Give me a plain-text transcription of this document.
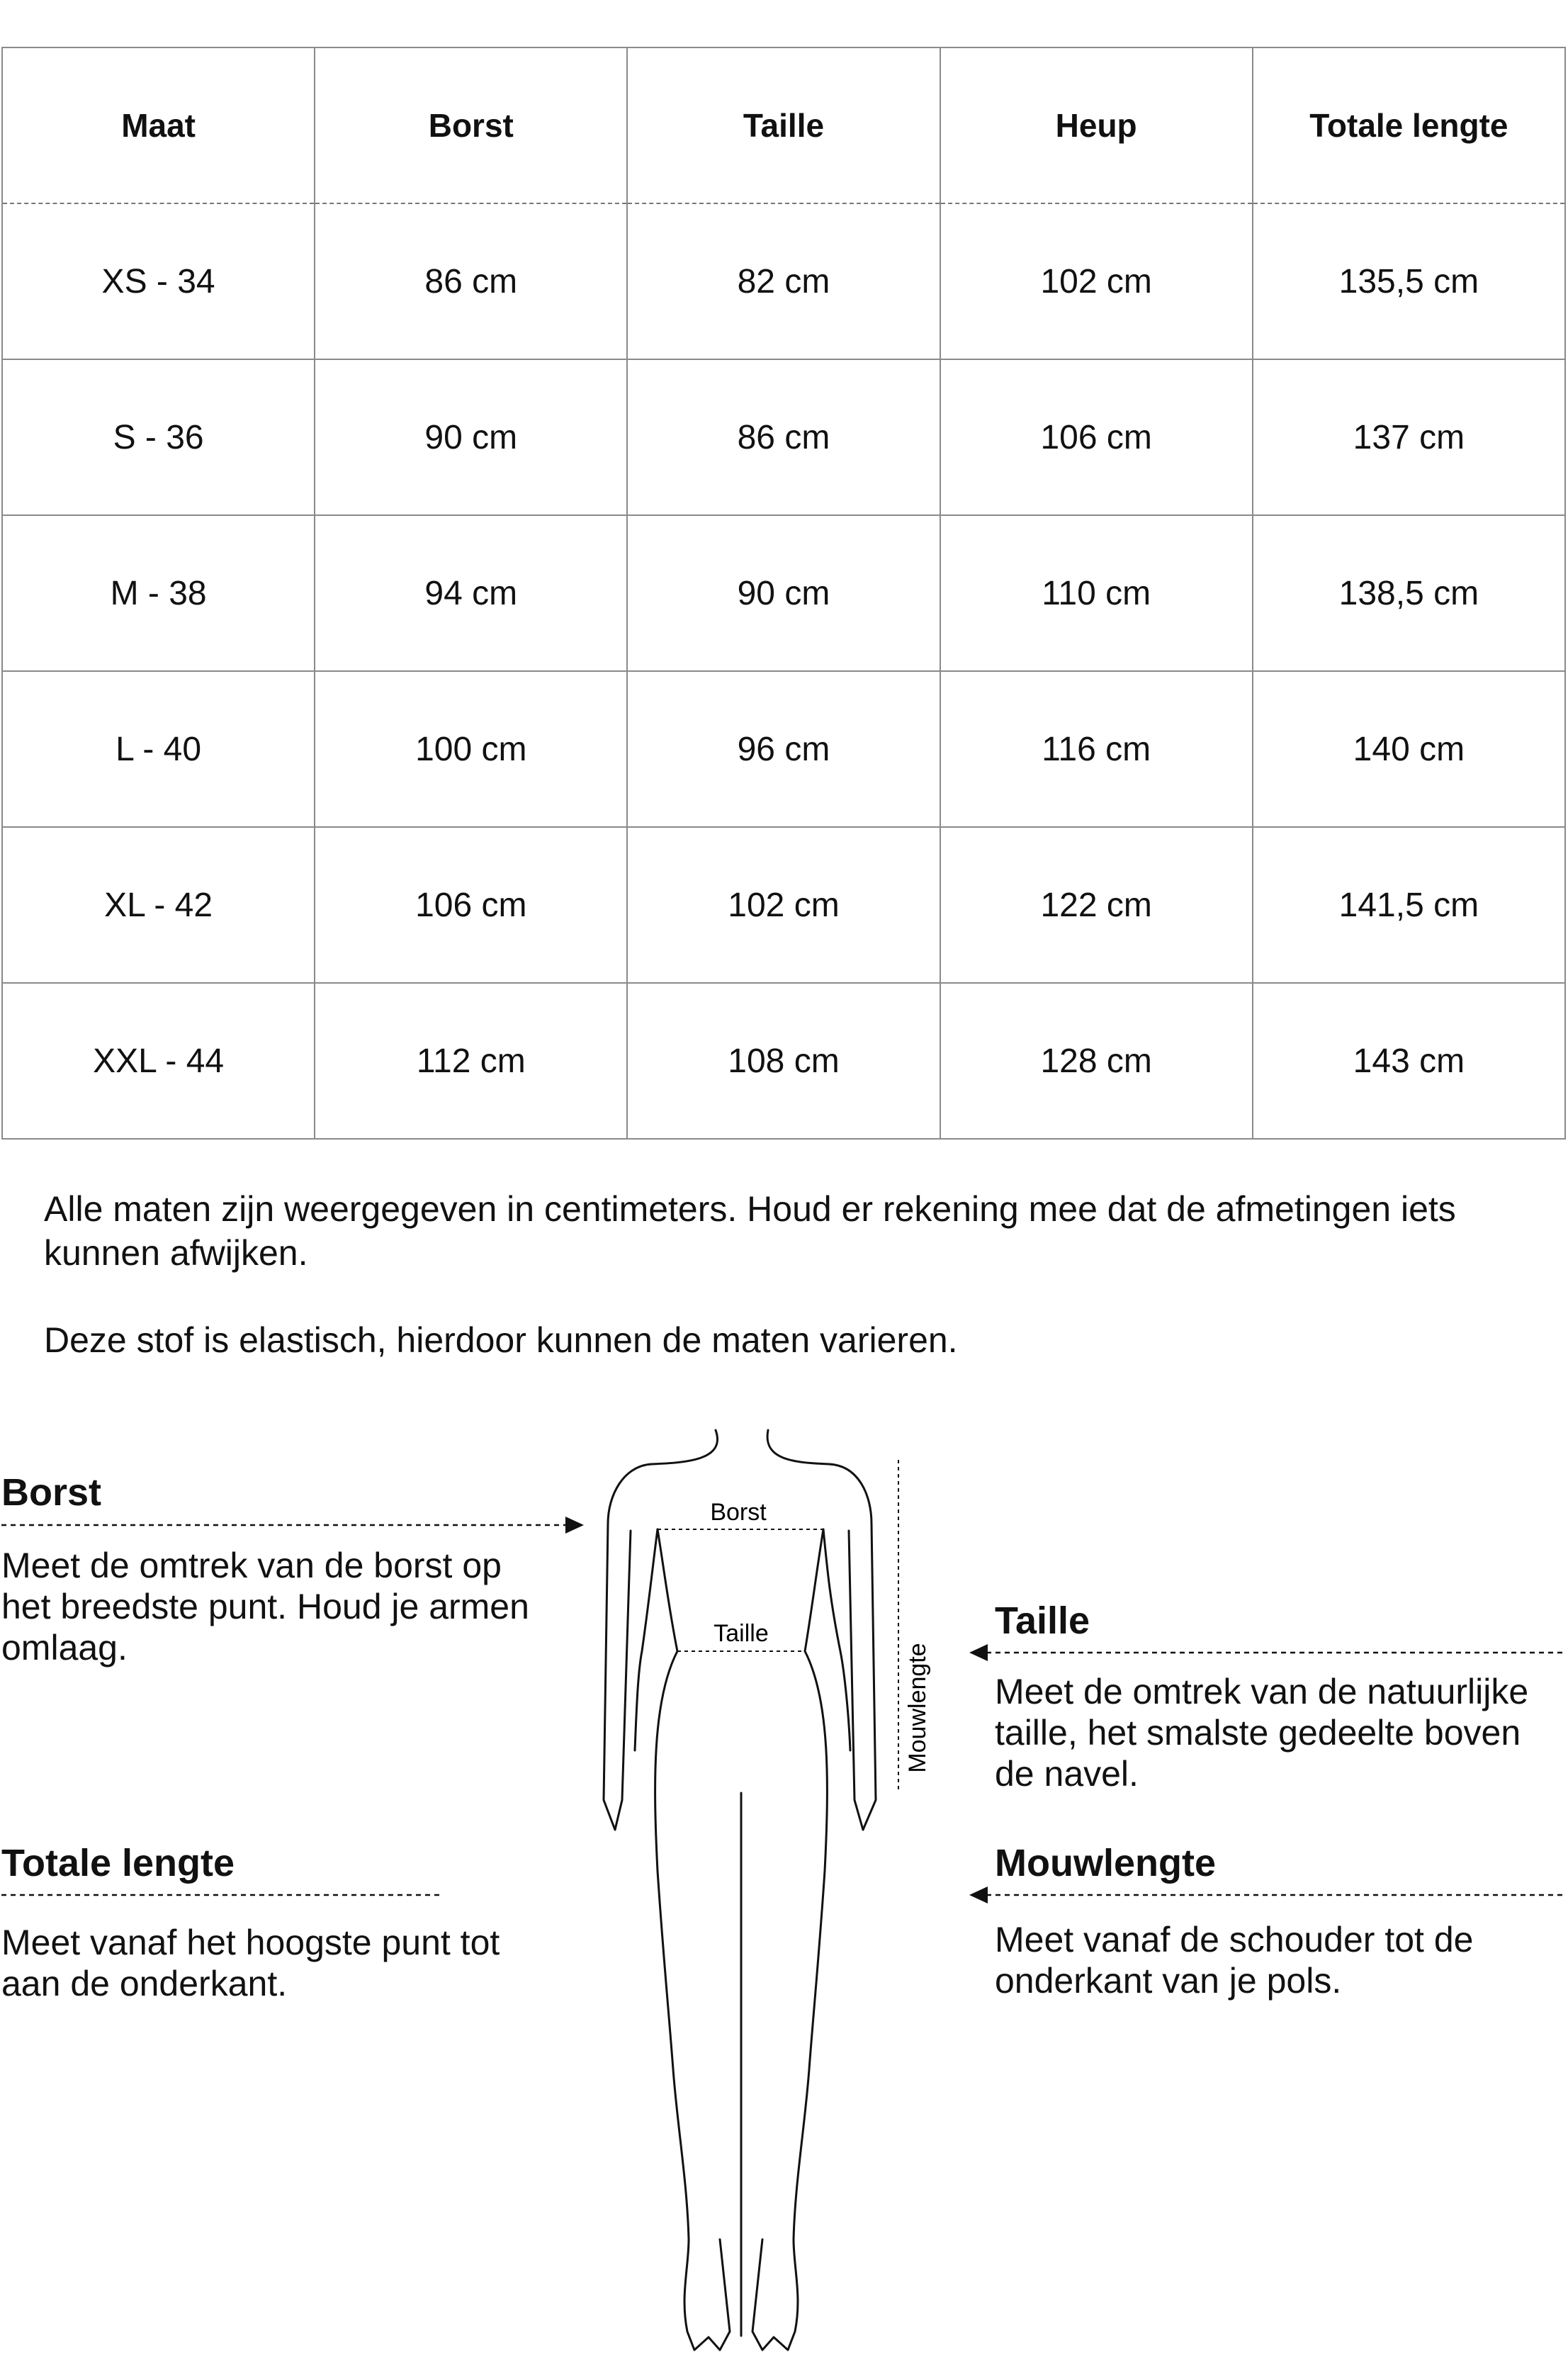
Maat	Borst	Taille	Heup	Totale lengte
XS - 34	86 cm	82 cm	102 cm	135,5 cm
S - 36	90 cm	86 cm	106 cm	137 cm
M - 38	94 cm	90 cm	110 cm	138,5 cm
L - 40	100 cm	96 cm	116 cm	140 cm
XL - 42	106 cm	102 cm	122 cm	141,5 cm
XXL - 44	112 cm	108 cm	128 cm	143 cm

Alle maten zijn weergegeven in centimeters. Houd er rekening mee dat de afmetingen iets kunnen afwijken.

Deze stof is elastisch, hierdoor kunnen de maten varieren.

Borst

Meet de omtrek van de borst op het breedste punt. Houd je armen omlaag.

Taille

Meet de omtrek van de natuurlijke taille, het smalste gedeelte boven de navel.

Totale lengte

Meet vanaf het hoogste punt tot aan de onderkant.

Mouwlengte

Meet vanaf de schouder tot de onderkant van je pols.

Borst
Taille
Mouwlengte
